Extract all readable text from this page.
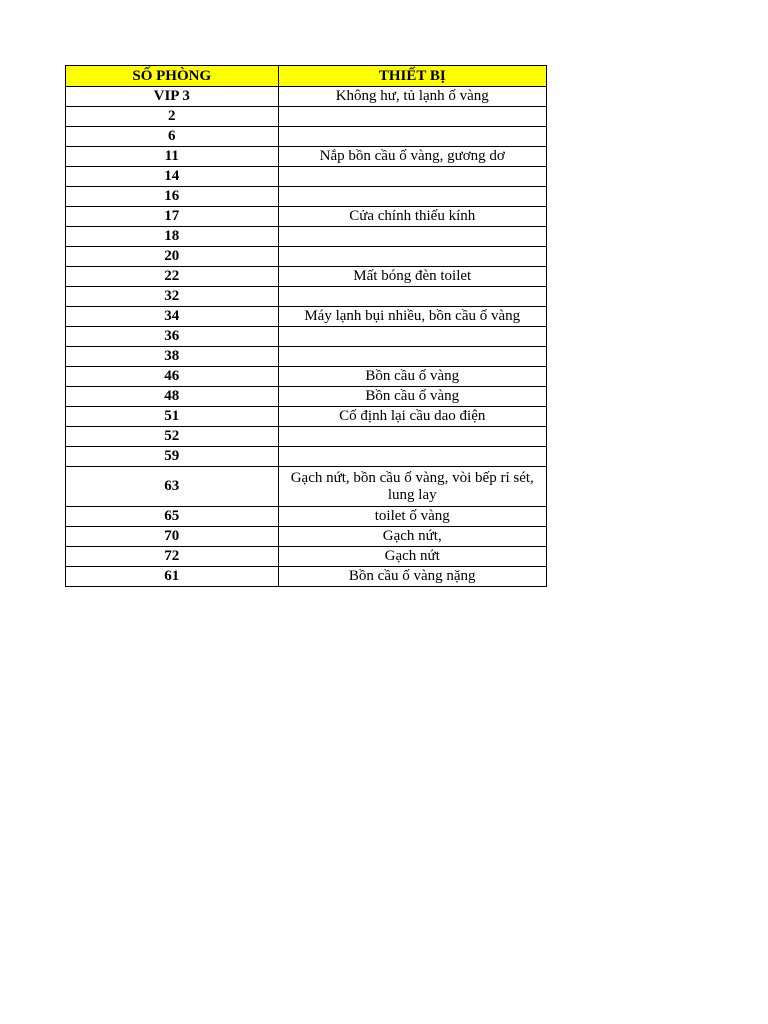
SỐ PHÒNG	THIẾT BỊ
VIP 3	Không hư, tủ lạnh ố vàng
2	
6	
11	Nắp bồn cầu ố vàng, gương dơ
14	
16	
17	Cửa chính thiếu kính
18	
20	
22	Mất bóng đèn toilet
32	
34	Máy lạnh bụi nhiều, bồn cầu ố vàng
36	
38	
46	Bồn cầu ố vàng
48	Bồn cầu ố vàng
51	Cố định lại cầu dao điện
52	
59	
63	Gạch nứt, bồn cầu ố vàng, vòi bếp rỉ sét, lung lay
65	toilet ố vàng
70	Gạch nứt,
72	Gạch nứt
61	Bồn cầu ố vàng nặng
